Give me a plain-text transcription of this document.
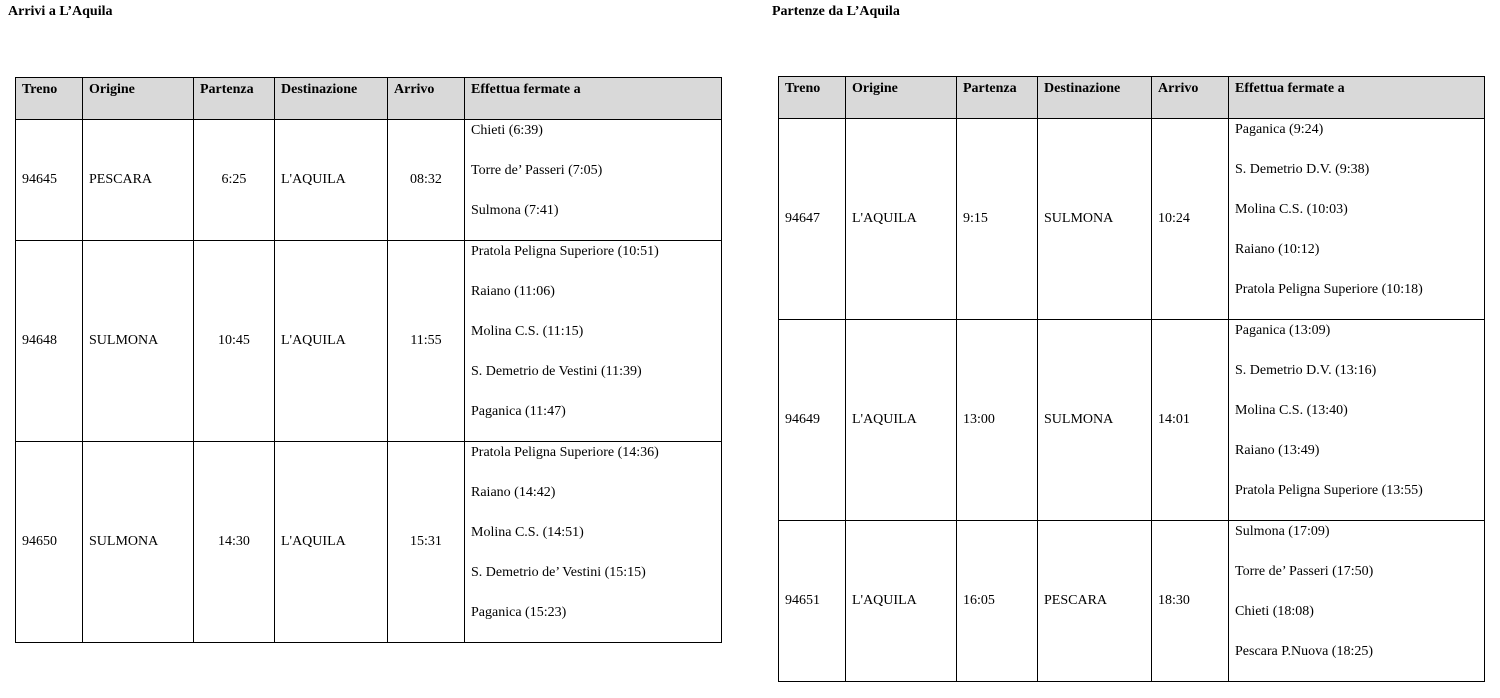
Arrivi a L’Aquila	Partenze da L’Aquila
Treno	Origine	Partenza	Destinazione	Arrivo	Effettua fermate a
94645	PESCARA	6:25	L'AQUILA	08:32	Chieti (6:39)
Torre de’ Passeri (7:05)
Sulmona (7:41)

94648	SULMONA	10:45	L'AQUILA	11:55	Pratola Peligna Superiore (10:51)
Raiano (11:06)
Molina C.S. (11:15)
S. Demetrio de Vestini (11:39)
Paganica (11:47)

94650	SULMONA	14:30	L'AQUILA	15:31	Pratola Peligna Superiore (14:36)
Raiano (14:42)
Molina C.S. (14:51)
S. Demetrio de’ Vestini (15:15)
Paganica (15:23)
Treno	Origine	Partenza	Destinazione	Arrivo	Effettua fermate a
94647	L'AQUILA	9:15	SULMONA	10:24	Paganica (9:24)
S. Demetrio D.V. (9:38)
Molina C.S. (10:03)
Raiano (10:12)
Pratola Peligna Superiore (10:18)

94649	L'AQUILA	13:00	SULMONA	14:01	Paganica (13:09)
S. Demetrio D.V. (13:16)
Molina C.S. (13:40)
Raiano (13:49)
Pratola Peligna Superiore (13:55)

94651	L'AQUILA	16:05	PESCARA	18:30	Sulmona (17:09)
Torre de’ Passeri (17:50)
Chieti (18:08)
Pescara P.Nuova (18:25)
